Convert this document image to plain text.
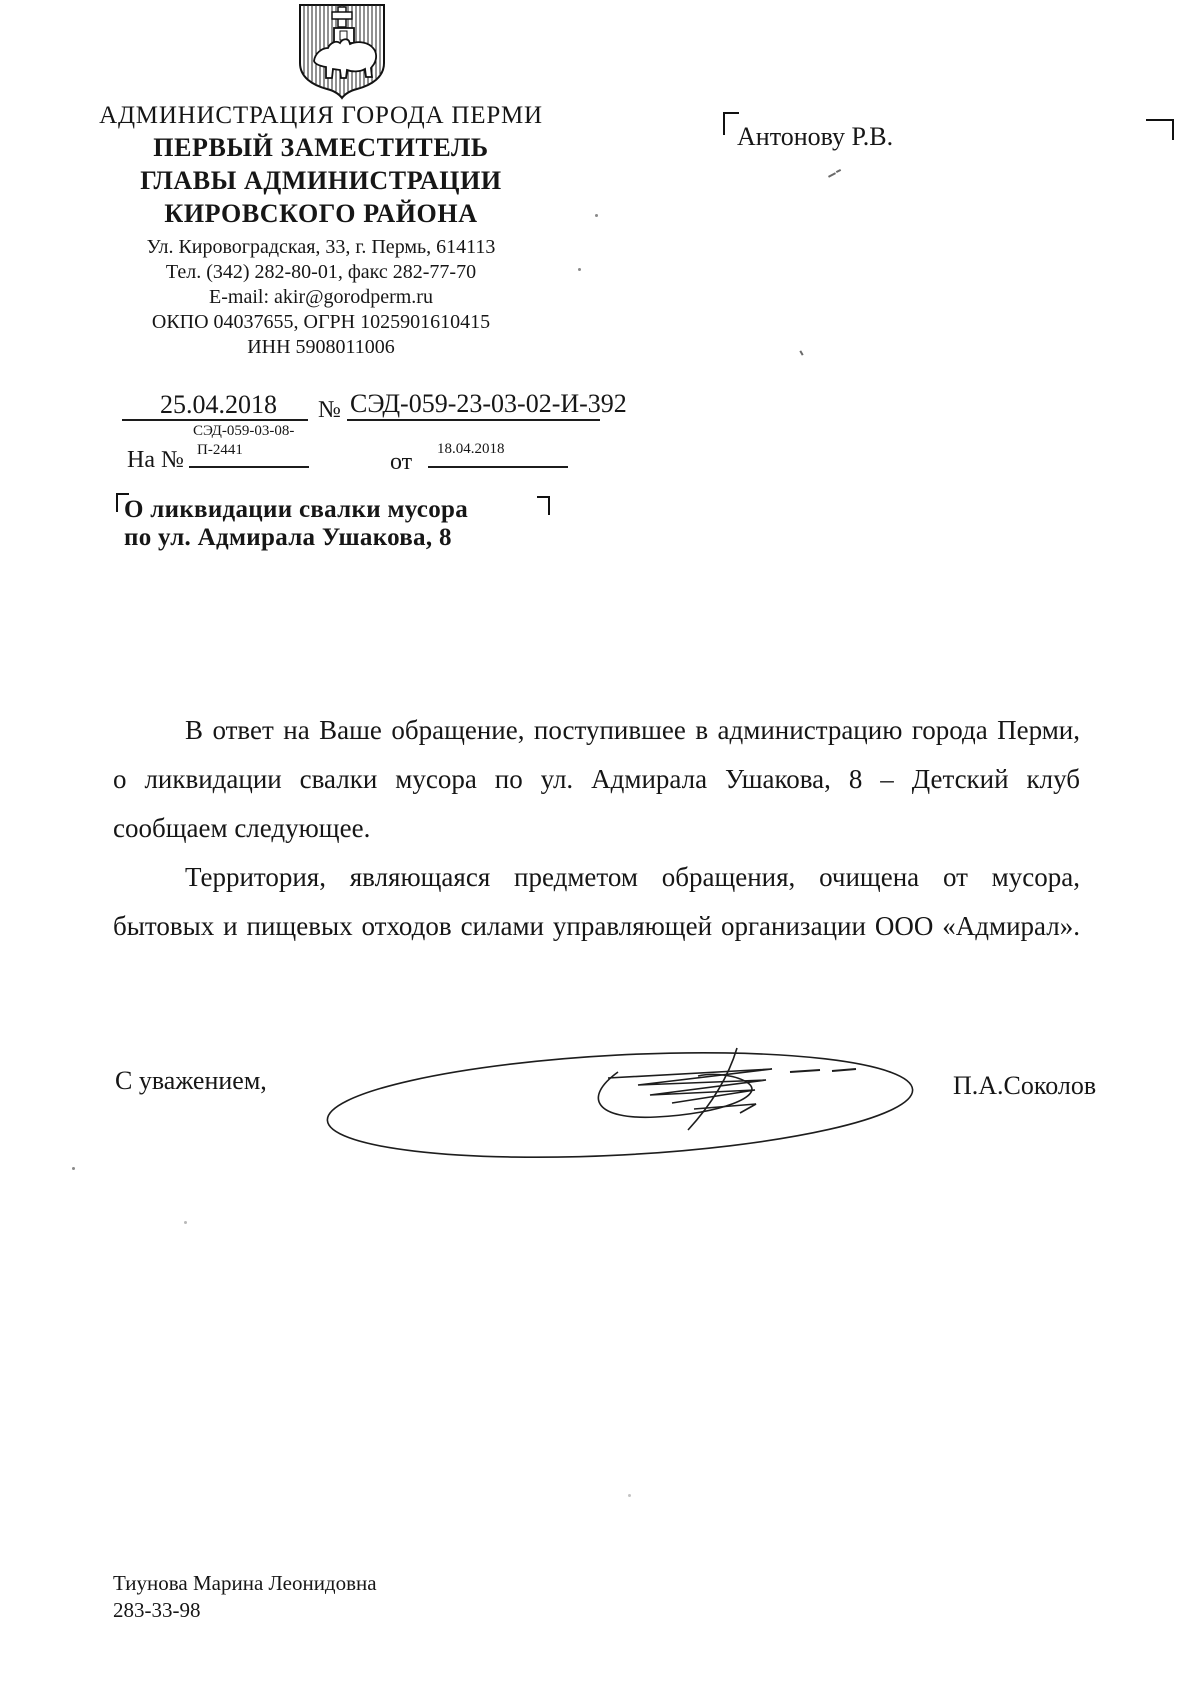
АДМИНИСТРАЦИЯ ГОРОДА ПЕРМИ
ПЕРВЫЙ ЗАМЕСТИТЕЛЬ
ГЛАВЫ АДМИНИСТРАЦИИ
КИРОВСКОГО РАЙОНА
Ул. Кировоградская, 33, г. Пермь, 614113
Тел. (342) 282-80-01, факс 282-77-70
E-mail: akir@gorodperm.ru
ОКПО 04037655, ОГРН 1025901610415
ИНН 5908011006
Антонову Р.В.
25.04.2018 № СЭД-059-23-03-02-И-392
СЭД-059-03-08-
На № П-2441	от 18.04.2018
О ликвидации свалки мусора
по ул. Адмирала Ушакова, 8
В ответ на Ваше обращение, поступившее в администрацию города Перми,
о ликвидации свалки мусора по ул. Адмирала Ушакова, 8 – Детский клуб
сообщаем следующее.
Территория, являющаяся предметом обращения, очищена от мусора,
бытовых и пищевых отходов силами управляющей организации ООО «Адмирал».
С уважением,	П.А.Соколов
Тиунова Марина Леонидовна
283-33-98
